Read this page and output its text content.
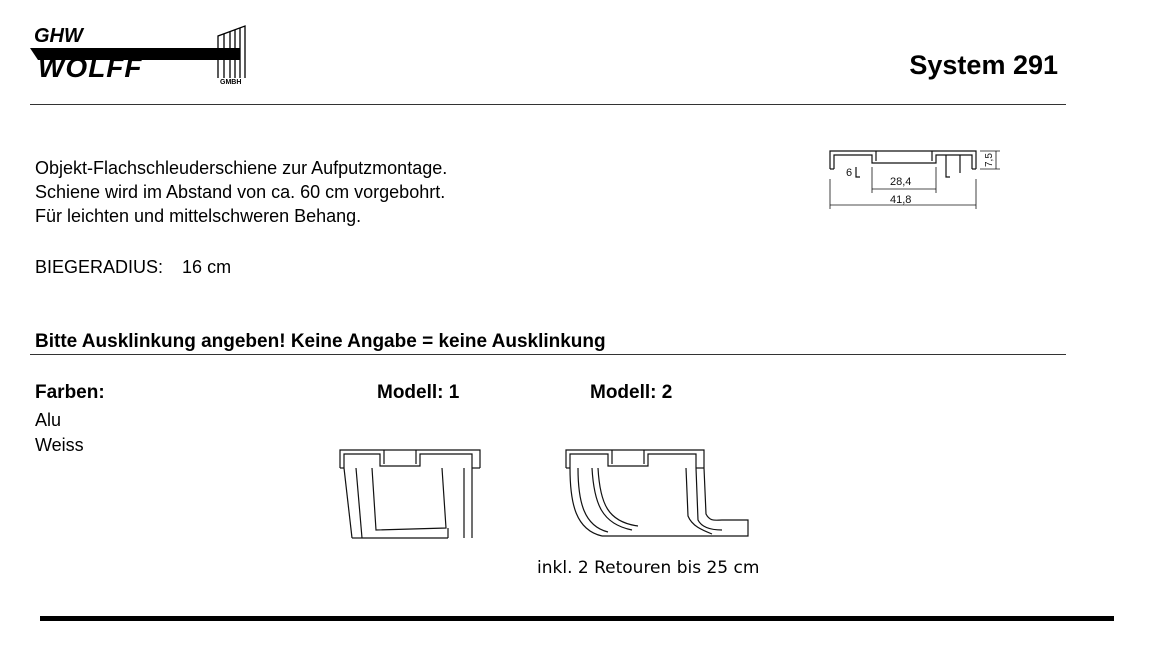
GHW
WOLFF	GMBH
System 291
Objekt-Flachschleuderschiene zur Aufputzmontage.
Schiene wird im Abstand von ca. 60 cm vorgebohrt.
Für leichten und mittelschweren Behang.
BIEGERADIUS: 16 cm
6
28,4
41,8
7,5
Bitte Ausklinkung angeben! Keine Angabe = keine Ausklinkung
Farben:
Alu
Weiss
Modell: 1	Modell: 2
inkl. 2 Retouren bis 25 cm
